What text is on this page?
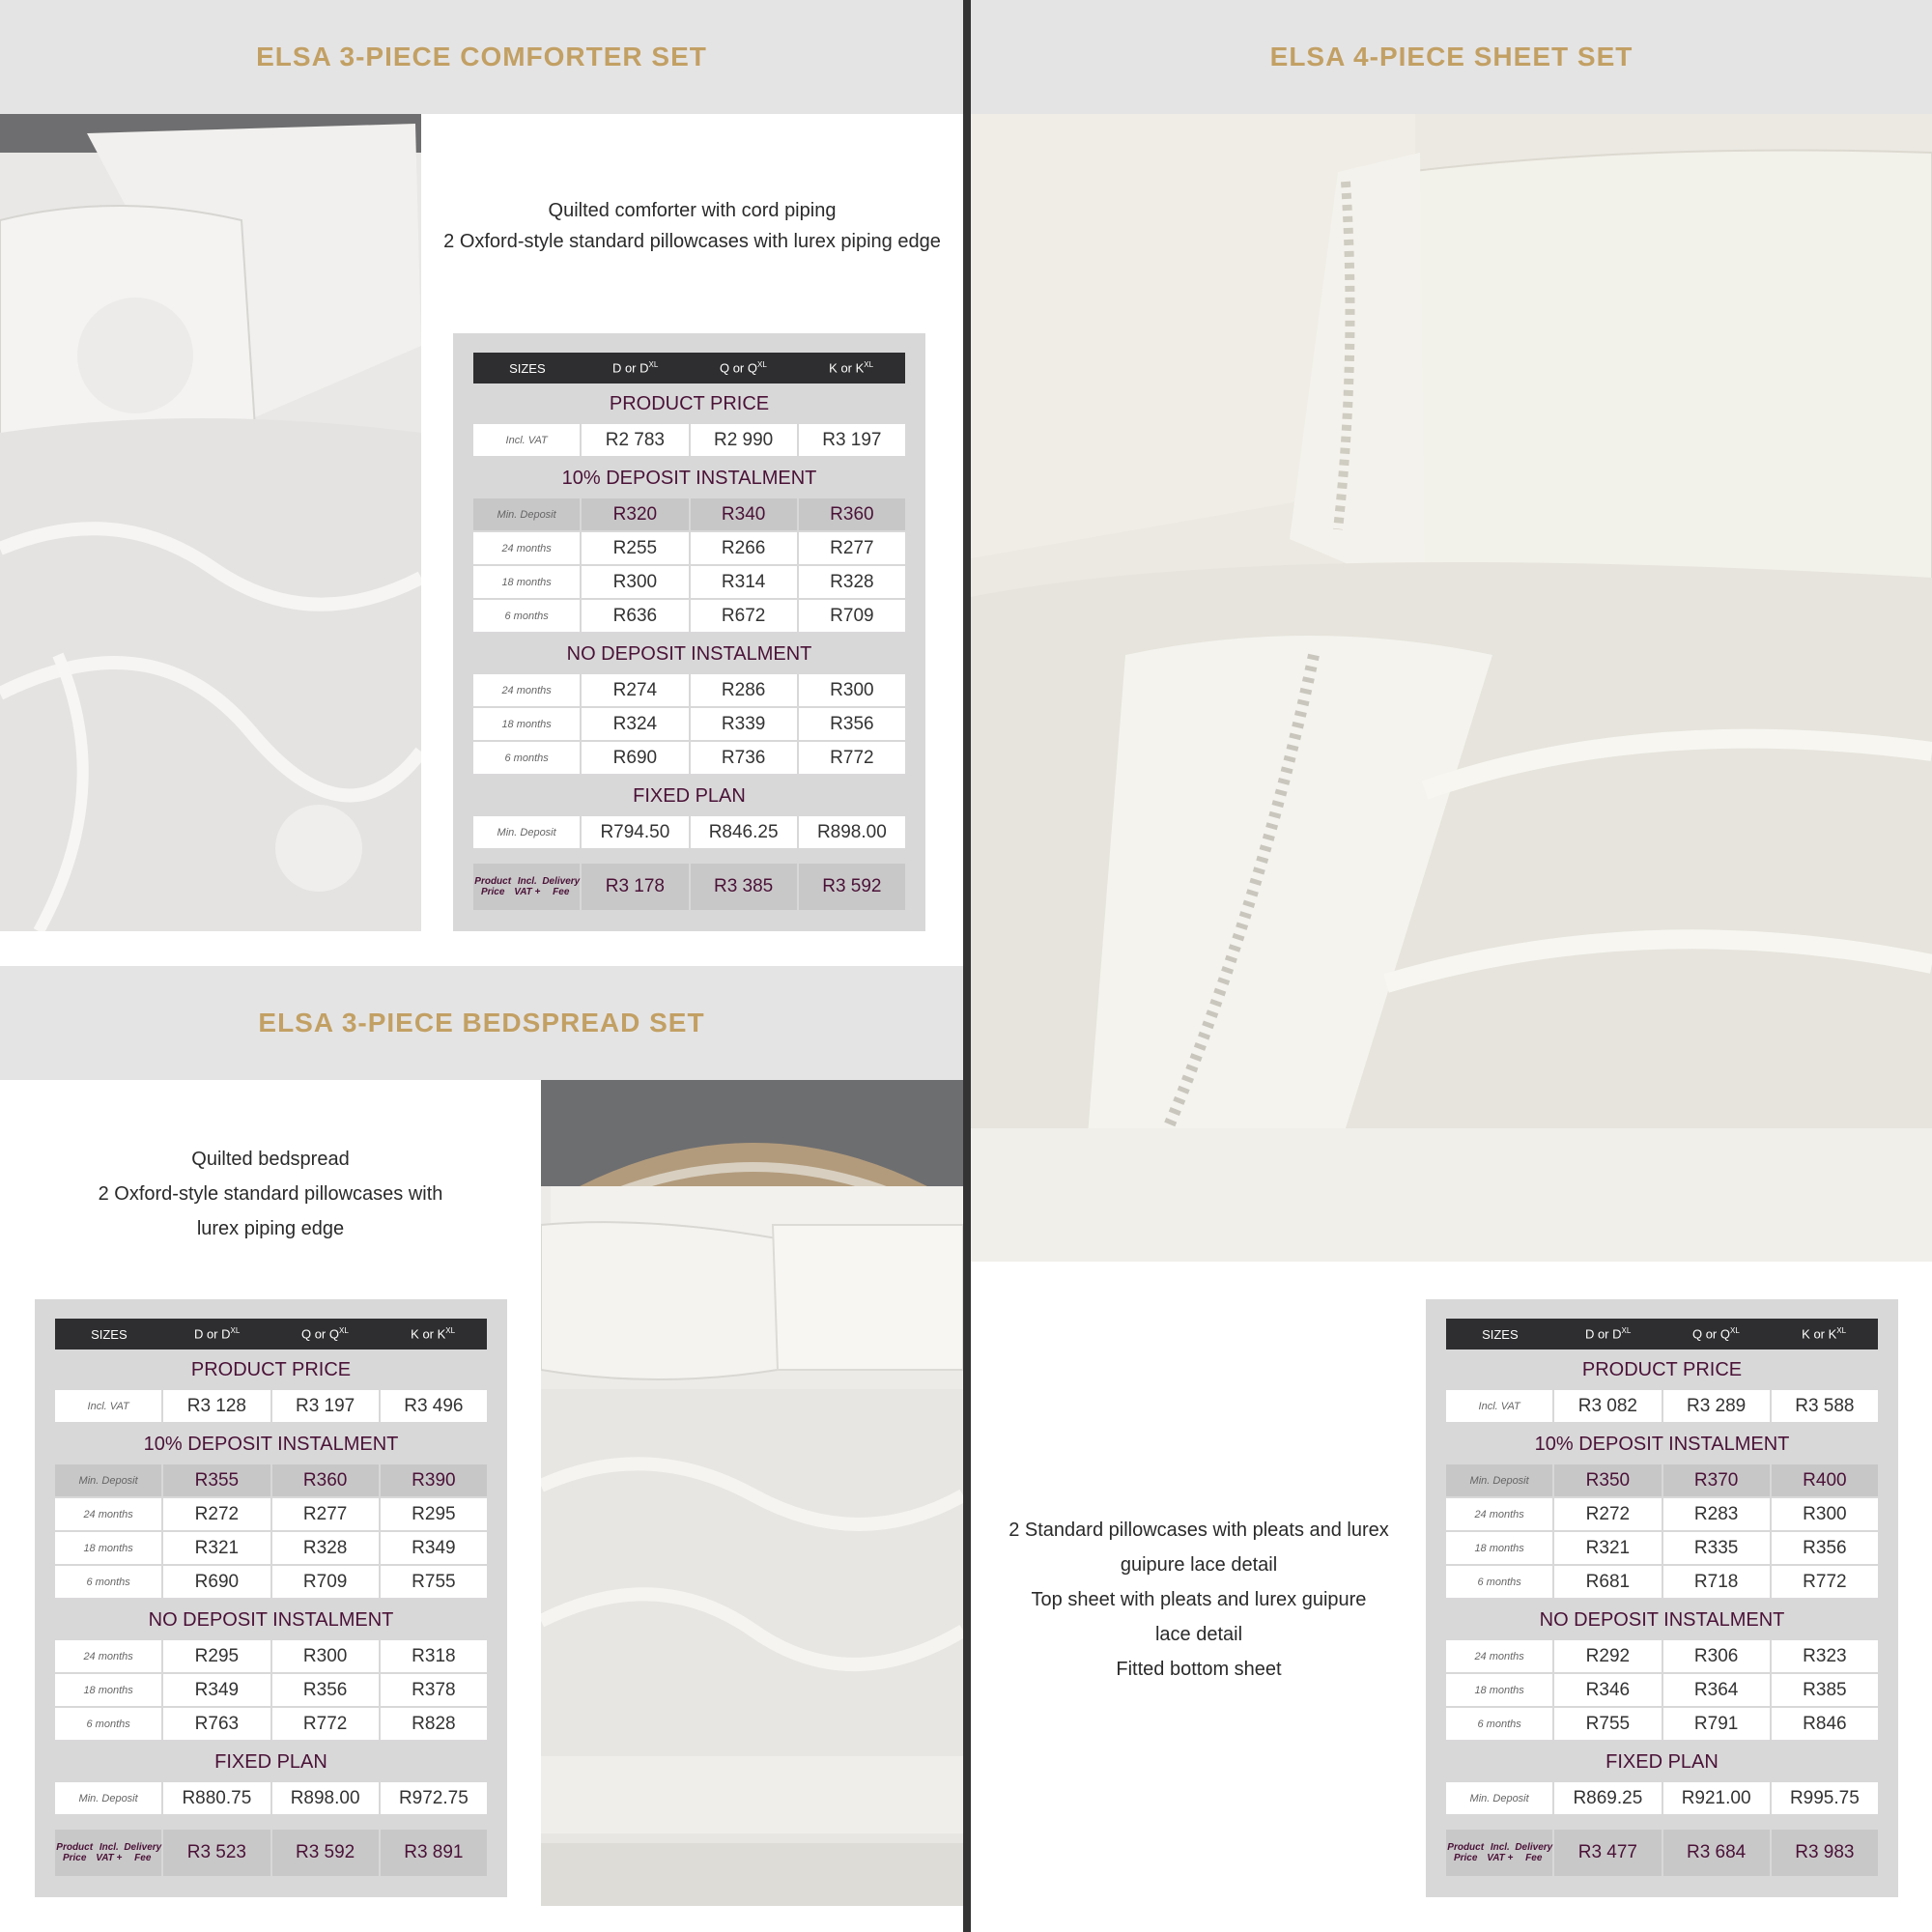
ELSA 3-PIECE COMFORTER SET	ELSA 4-PIECE SHEET SET
ELSA 3-PIECE BEDSPREAD SET

Quilted comforter with cord piping

2 Oxford-style standard pillowcases with lurex piping edge

Quilted bedspread

2 Oxford-style standard pillowcases with

lurex piping edge

2 Standard pillowcases with pleats and lurex

guipure lace detail

Top sheet with pleats and lurex guipure

lace detail

Fitted bottom sheet

SIZES	D or $D^{XL}$	Q or $Q^{XL}$	K or $K^{XL}$
PRODUCT PRICE
Incl. VAT	R2 783	R2 990	R3 197
10% DEPOSIT INSTALMENT
Min. Deposit	R320	R340	R360
24 months	R255	R266	R277
18 months	R300	R314	R328
6 months	R636	R672	R709
NO DEPOSIT INSTALMENT
24 months	R274	R286	R300
18 months	R324	R339	R356
6 months	R690	R736	R772
FIXED PLAN
Min. Deposit	R794.50	R846.25	R898.00
Product Price
Incl. VAT +
Delivery Fee	R3 178	R3 385	R3 592
SIZES	D or $D^{XL}$	Q or $Q^{XL}$	K or $K^{XL}$
PRODUCT PRICE
Incl. VAT	R3 128	R3 197	R3 496
10% DEPOSIT INSTALMENT
Min. Deposit	R355	R360	R390
24 months	R272	R277	R295
18 months	R321	R328	R349
6 months	R690	R709	R755
NO DEPOSIT INSTALMENT
24 months	R295	R300	R318
18 months	R349	R356	R378
6 months	R763	R772	R828
FIXED PLAN
Min. Deposit	R880.75	R898.00	R972.75
Product Price
Incl. VAT +
Delivery Fee	R3 523	R3 592	R3 891
SIZES	D or $D^{XL}$	Q or $Q^{XL}$	K or $K^{XL}$
PRODUCT PRICE
Incl. VAT	R3 082	R3 289	R3 588
10% DEPOSIT INSTALMENT
Min. Deposit	R350	R370	R400
24 months	R272	R283	R300
18 months	R321	R335	R356
6 months	R681	R718	R772
NO DEPOSIT INSTALMENT
24 months	R292	R306	R323
18 months	R346	R364	R385
6 months	R755	R791	R846
FIXED PLAN
Min. Deposit	R869.25	R921.00	R995.75
Product Price
Incl. VAT +
Delivery Fee	R3 477	R3 684	R3 983
